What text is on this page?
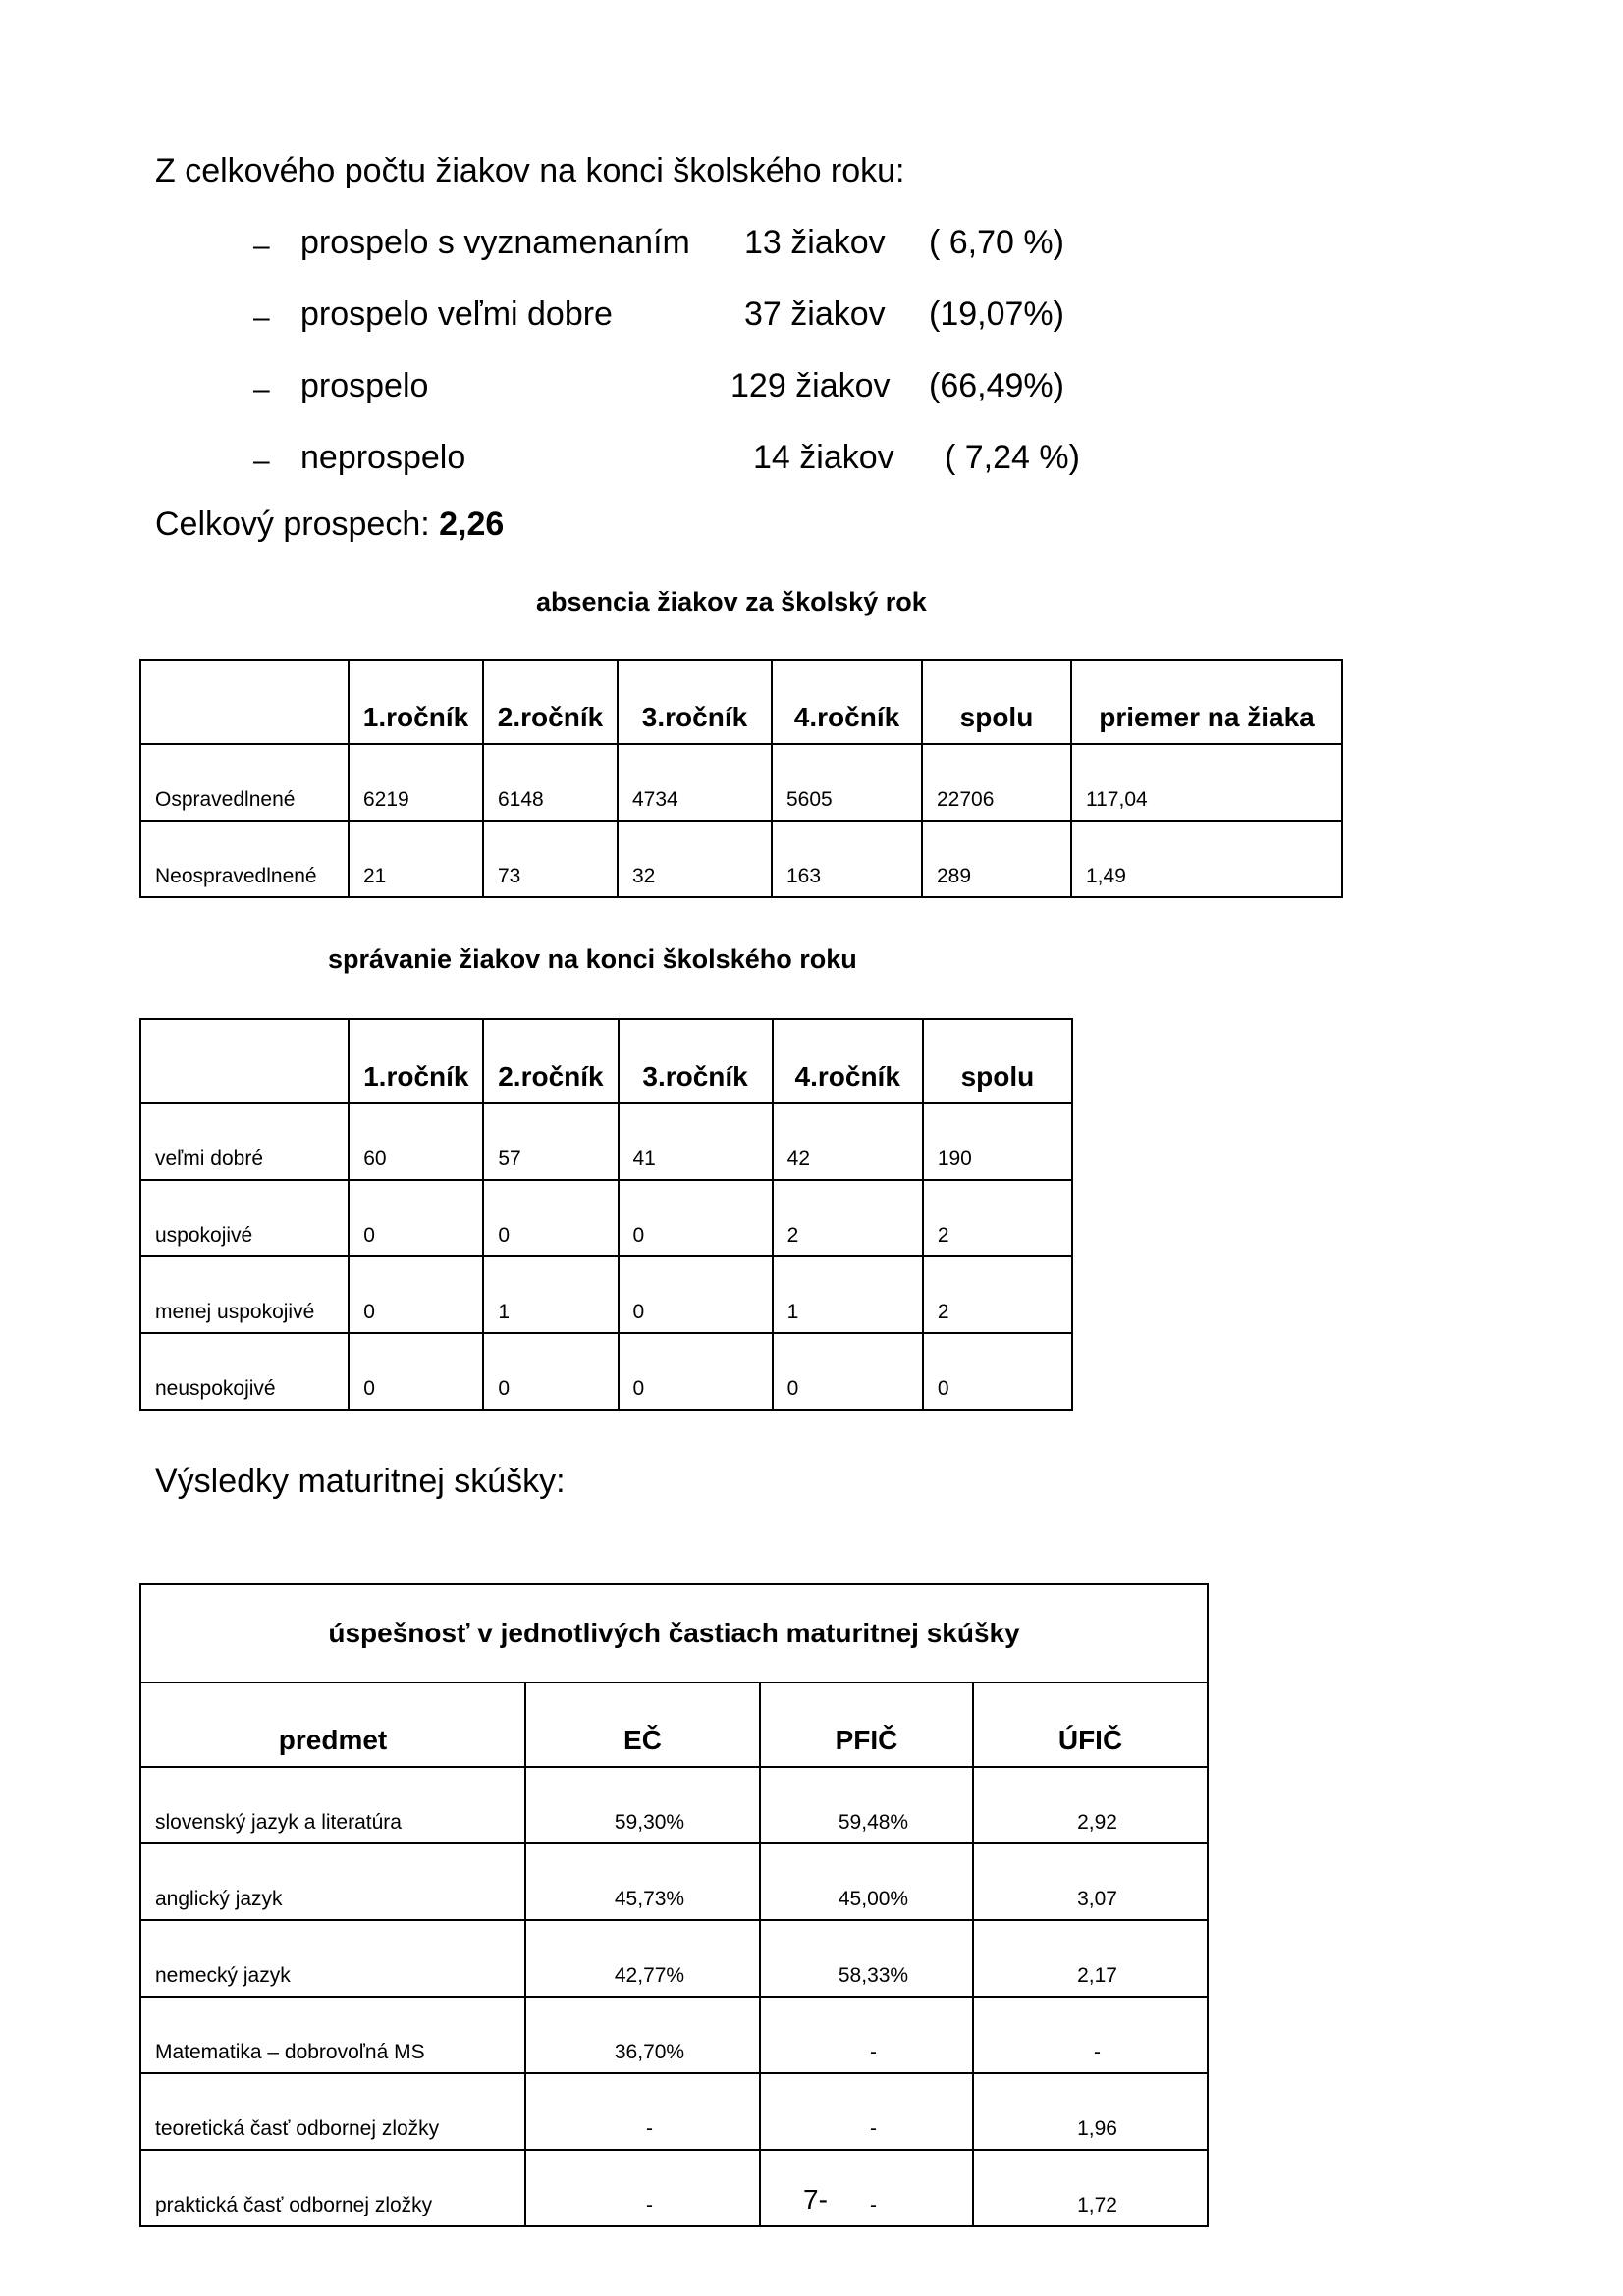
Z celkového počtu žiakov na konci školského roku:
– prospelo s vyznamenaním 13 žiakov ( 6,70 %)
– prospelo veľmi dobre	37 žiakov (19,07%)
– prospelo	129 žiakov (66,49%)
– neprospelo	14 žiakov ( 7,24 %)
Celkový prospech: 2,26
absencia žiakov za školský rok
	1.ročník	2.ročník	3.ročník	4.ročník	spolu	priemer na žiaka
Ospravedlnené	6219	6148	4734	5605	22706	117,04
Neospravedlnené	21	73	32	163	289	1,49
správanie žiakov na konci školského roku
	1.ročník	2.ročník	3.ročník	4.ročník	spolu
veľmi dobré	60	57	41	42	190
uspokojivé	0	0	0	2	2
menej uspokojivé	0	1	0	1	2
neuspokojivé	0	0	0	0	0
Výsledky maturitnej skúšky:
úspešnosť v jednotlivých častiach maturitnej skúšky			
predmet	EČ	PFIČ	ÚFIČ
slovenský jazyk a literatúra	59,30%	59,48%	2,92
anglický jazyk	45,73%	45,00%	3,07
nemecký jazyk	42,77%	58,33%	2,17
Matematika – dobrovoľná MS	36,70%	-	-
teoretická časť odbornej zložky	-	-	1,96
praktická časť odbornej zložky	-	-	1,72
7-
